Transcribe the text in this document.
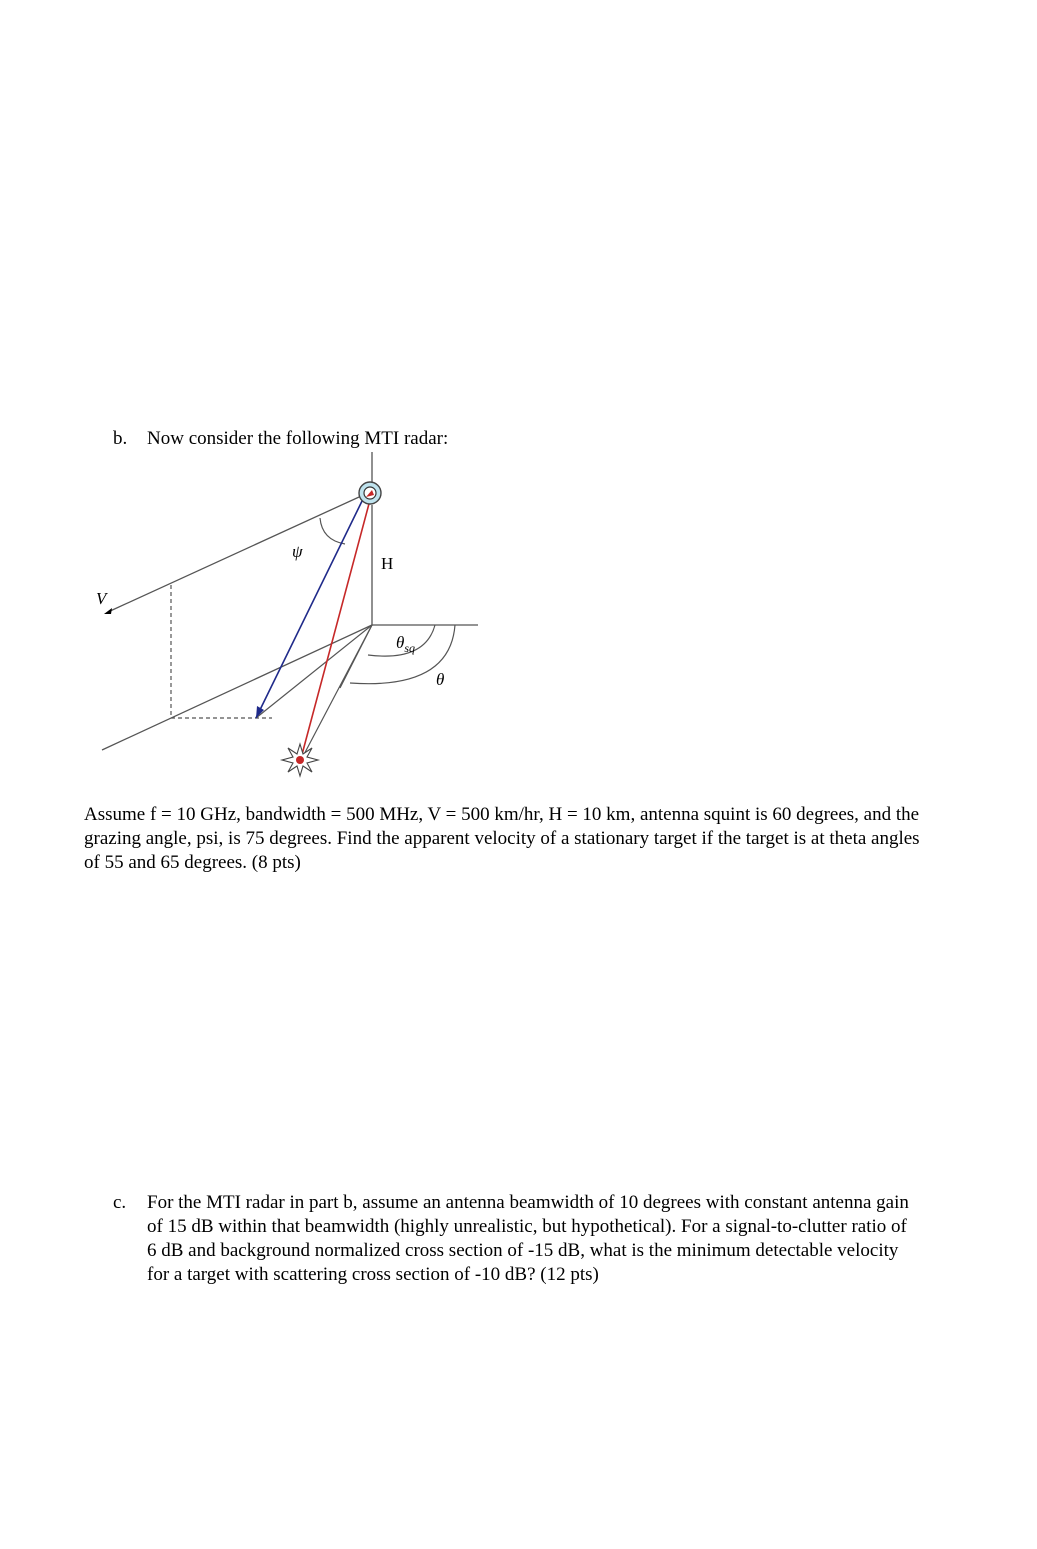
b. Now consider the following MTI radar:

ψ
H
V
$\theta_{sq}$
θ

Assume f = 10 GHz, bandwidth = 500 MHz, V = 500 km/hr, H = 10 km, antenna squint is 60 degrees, and the grazing angle, psi, is 75 degrees. Find the apparent velocity of a stationary target if the target is at theta angles of 55 and 65 degrees. (8 pts)

c. For the MTI radar in part b, assume an antenna beamwidth of 10 degrees with constant antenna gain of 15 dB within that beamwidth (highly unrealistic, but hypothetical). For a signal-to-clutter ratio of 6 dB and background normalized cross section of -15 dB, what is the minimum detectable velocity for a target with scattering cross section of -10 dB? (12 pts)
